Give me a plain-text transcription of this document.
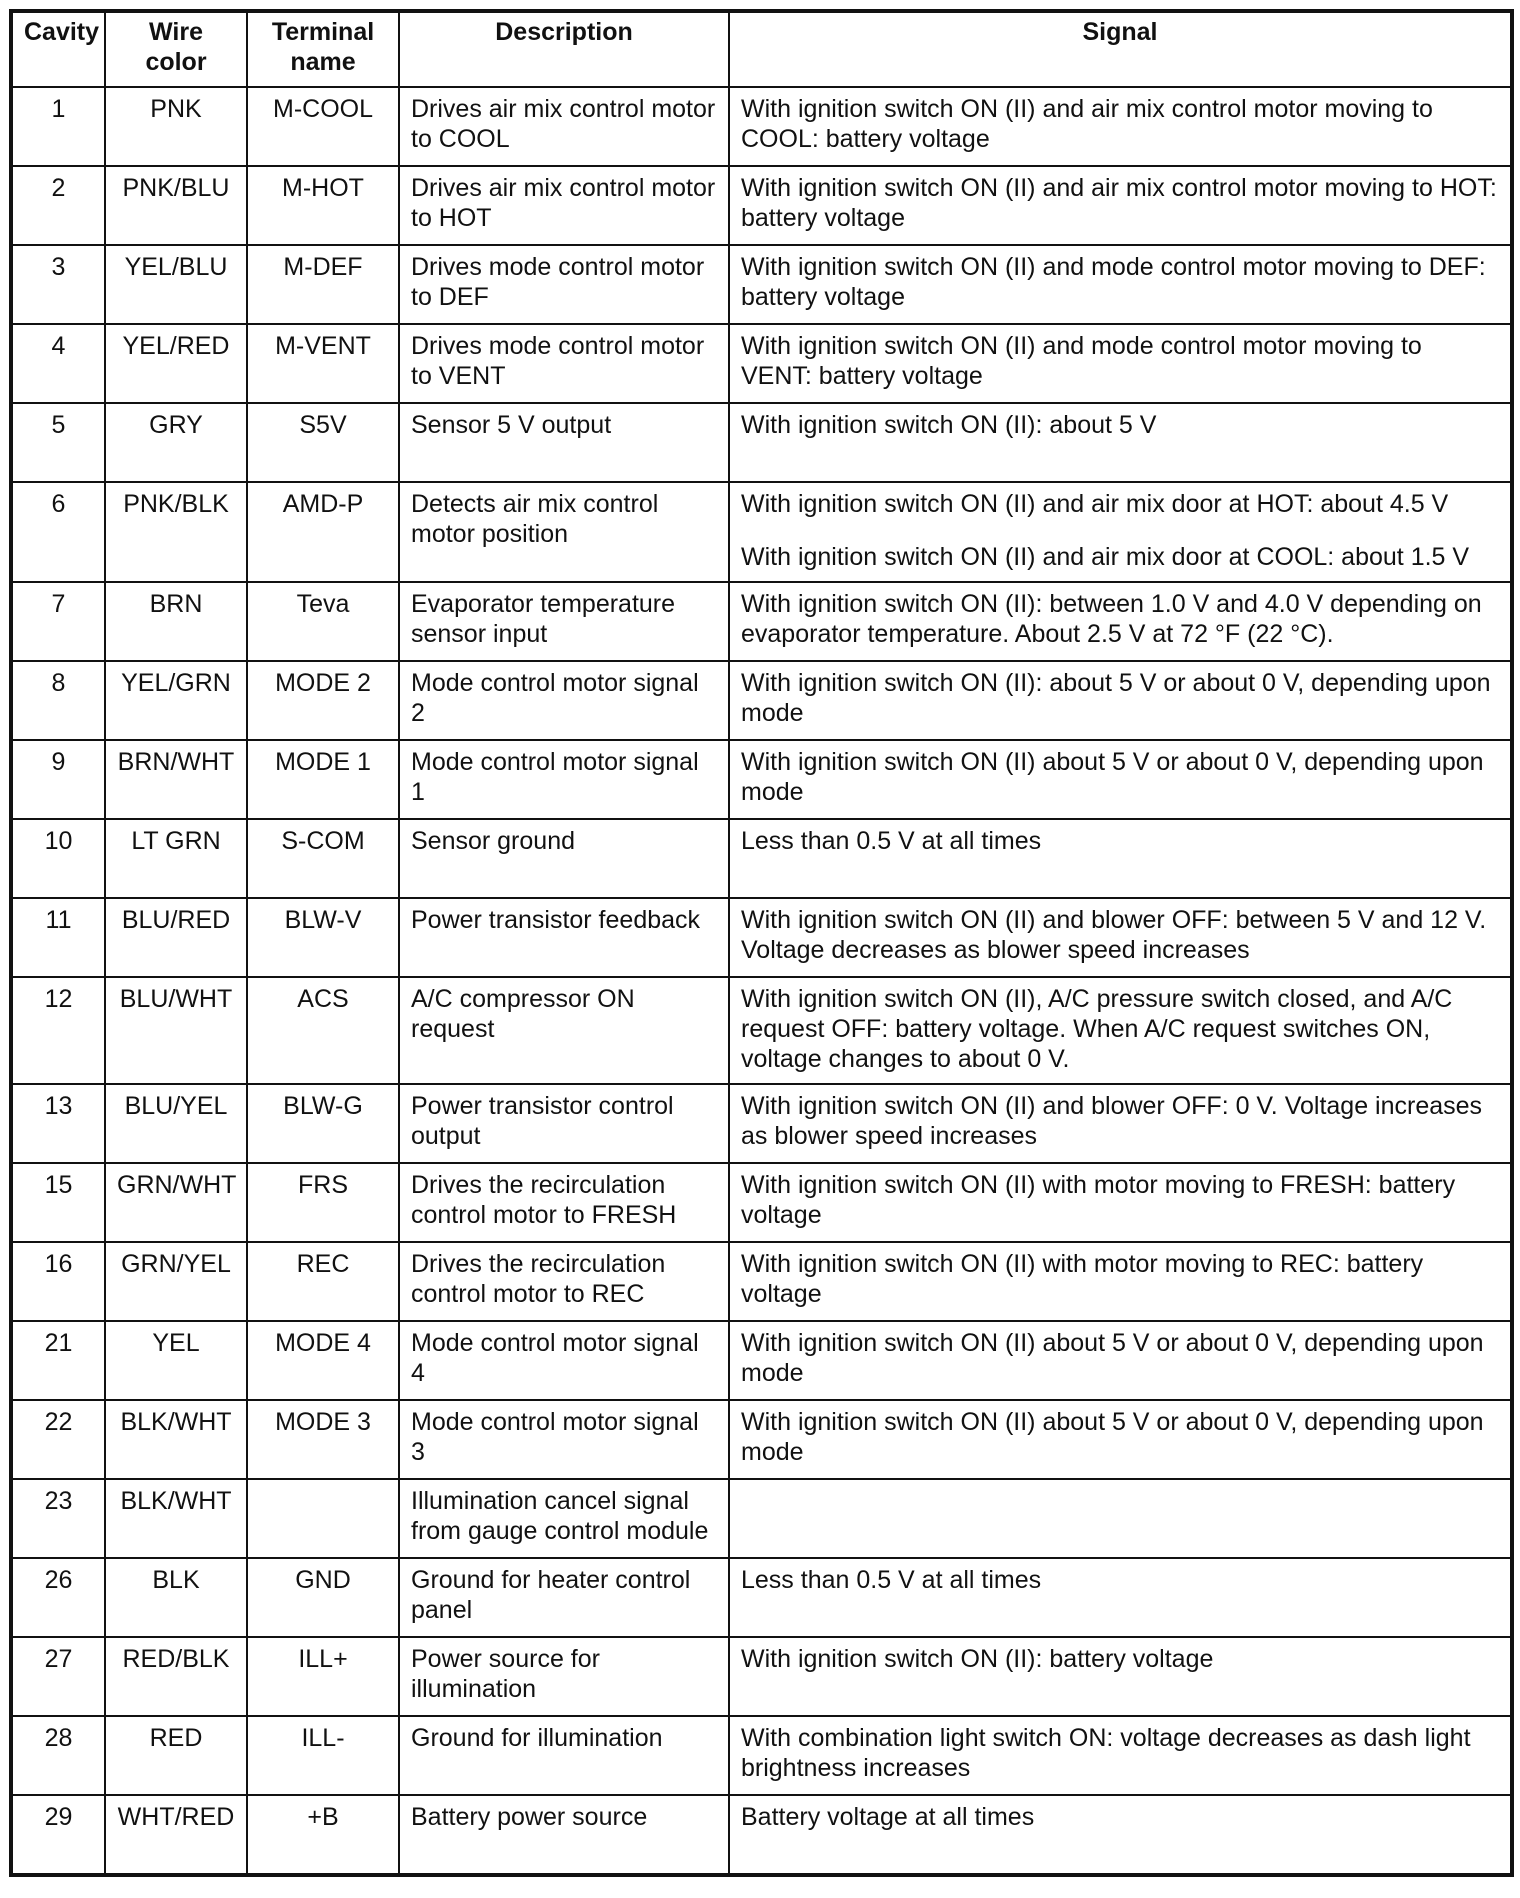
Cavity	Wire color	Terminal name	Description	Signal
1	PNK	M-COOL	Drives air mix control motor to COOL	With ignition switch ON (II) and air mix control motor moving to COOL: battery voltage

2	PNK/BLU	M-HOT	Drives air mix control motor to HOT	With ignition switch ON (II) and air mix control motor moving to HOT: battery voltage

3	YEL/BLU	M-DEF	Drives mode control motor to DEF	With ignition switch ON (II) and mode control motor moving to DEF: battery voltage

4	YEL/RED	M-VENT	Drives mode control motor to VENT	With ignition switch ON (II) and mode control motor moving to VENT: battery voltage

5	GRY	S5V	Sensor 5 V output	With ignition switch ON (II): about 5 V

6	PNK/BLK	AMD-P	Detects air mix control motor position	With ignition switch ON (II) and air mix door at HOT: about 4.5 V

With ignition switch ON (II) and air mix door at COOL: about 1.5 V

7	BRN	Teva	Evaporator temperature sensor input	With ignition switch ON (II): between 1.0 V and 4.0 V depending on evaporator temperature. About 2.5 V at 72 °F (22 °C).

8	YEL/GRN	MODE 2	Mode control motor signal 2	With ignition switch ON (II): about 5 V or about 0 V, depending upon mode

9	BRN/WHT	MODE 1	Mode control motor signal 1	With ignition switch ON (II) about 5 V or about 0 V, depending upon mode

10	LT GRN	S-COM	Sensor ground	Less than 0.5 V at all times

11	BLU/RED	BLW-V	Power transistor feedback	With ignition switch ON (II) and blower OFF: between 5 V and 12 V. Voltage decreases as blower speed increases

12	BLU/WHT	ACS	A/C compressor ON request	With ignition switch ON (II), A/C pressure switch closed, and A/C request OFF: battery voltage. When A/C request switches ON, voltage changes to about 0 V.

13	BLU/YEL	BLW-G	Power transistor control output	With ignition switch ON (II) and blower OFF: 0 V. Voltage increases as blower speed increases

15	GRN/WHT	FRS	Drives the recirculation control motor to FRESH	With ignition switch ON (II) with motor moving to FRESH: battery voltage

16	GRN/YEL	REC	Drives the recirculation control motor to REC	With ignition switch ON (II) with motor moving to REC: battery voltage

21	YEL	MODE 4	Mode control motor signal 4	With ignition switch ON (II) about 5 V or about 0 V, depending upon mode

22	BLK/WHT	MODE 3	Mode control motor signal 3	With ignition switch ON (II) about 5 V or about 0 V, depending upon mode

23	BLK/WHT		Illumination cancel signal from gauge control module	
26	BLK	GND	Ground for heater control panel	Less than 0.5 V at all times

27	RED/BLK	ILL+	Power source for illumination	With ignition switch ON (II): battery voltage

28	RED	ILL-	Ground for illumination	With combination light switch ON: voltage decreases as dash light brightness increases

29	WHT/RED	+B	Battery power source	Battery voltage at all times
